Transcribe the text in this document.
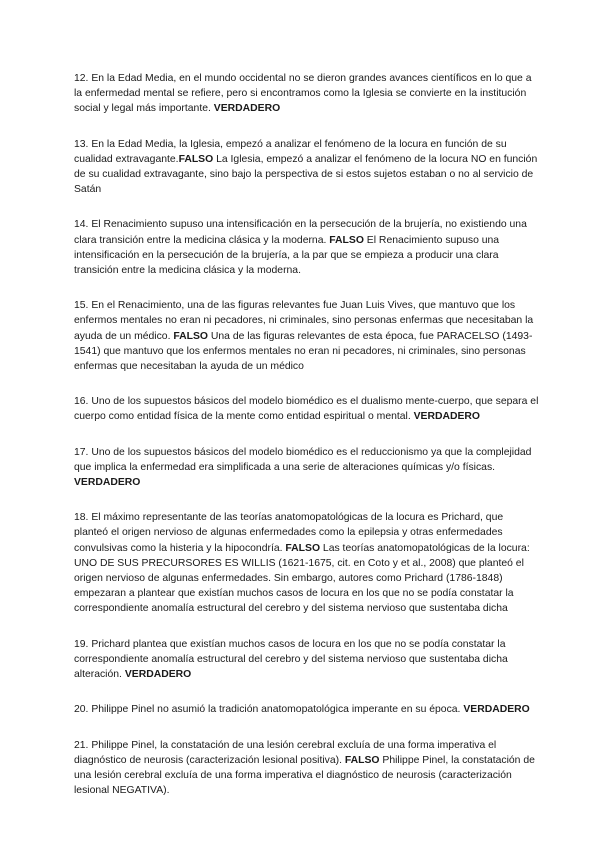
12. En la Edad Media, en el mundo occidental no se dieron grandes avances científicos en lo que a la enfermedad mental se refiere, pero si encontramos como la Iglesia se convierte en la institución social y legal más importante. VERDADERO

13. En la Edad Media, la Iglesia, empezó a analizar el fenómeno de la locura en función de su cualidad extravagante.FALSO La Iglesia, empezó a analizar el fenómeno de la locura NO en función de su cualidad extravagante, sino bajo la perspectiva de si estos sujetos estaban o no al servicio de Satán

14. El Renacimiento supuso una intensificación en la persecución de la brujería, no existiendo una clara transición entre la medicina clásica y la moderna. FALSO El Renacimiento supuso una intensificación en la persecución de la brujería, a la par que se empieza a producir una clara transición entre la medicina clásica y la moderna.

15. En el Renacimiento, una de las figuras relevantes fue Juan Luis Vives, que mantuvo que los enfermos mentales no eran ni pecadores, ni criminales, sino personas enfermas que necesitaban la ayuda de un médico. FALSO Una de las figuras relevantes de esta época, fue PARACELSO (1493-1541) que mantuvo que los enfermos mentales no eran ni pecadores, ni criminales, sino personas enfermas que necesitaban la ayuda de un médico

16. Uno de los supuestos básicos del modelo biomédico es el dualismo mente-cuerpo, que separa el cuerpo como entidad física de la mente como entidad espiritual o mental. VERDADERO

17. Uno de los supuestos básicos del modelo biomédico es el reduccionismo ya que la complejidad que implica la enfermedad era simplificada a una serie de alteraciones químicas y/o físicas. VERDADERO

18. El máximo representante de las teorías anatomopatológicas de la locura es Prichard, que planteó el origen nervioso de algunas enfermedades como la epilepsia y otras enfermedades convulsivas como la histeria y la hipocondría. FALSO Las teorías anatomopatológicas de la locura: UNO DE SUS PRECURSORES ES WILLIS (1621-1675, cit. en Coto y et al., 2008) que planteó el origen nervioso de algunas enfermedades. Sin embargo, autores como Prichard (1786-1848) empezaran a plantear que existían muchos casos de locura en los que no se podía constatar la correspondiente anomalía estructural del cerebro y del sistema nervioso que sustentaba dicha

19. Prichard plantea que existían muchos casos de locura en los que no se podía constatar la correspondiente anomalía estructural del cerebro y del sistema nervioso que sustentaba dicha alteración. VERDADERO

20. Philippe Pinel no asumió la tradición anatomopatológica imperante en su época. VERDADERO

21. Philippe Pinel, la constatación de una lesión cerebral excluía de una forma imperativa el diagnóstico de neurosis (caracterización lesional positiva). FALSO Philippe Pinel, la constatación de una lesión cerebral excluía de una forma imperativa el diagnóstico de neurosis (caracterización lesional NEGATIVA).
